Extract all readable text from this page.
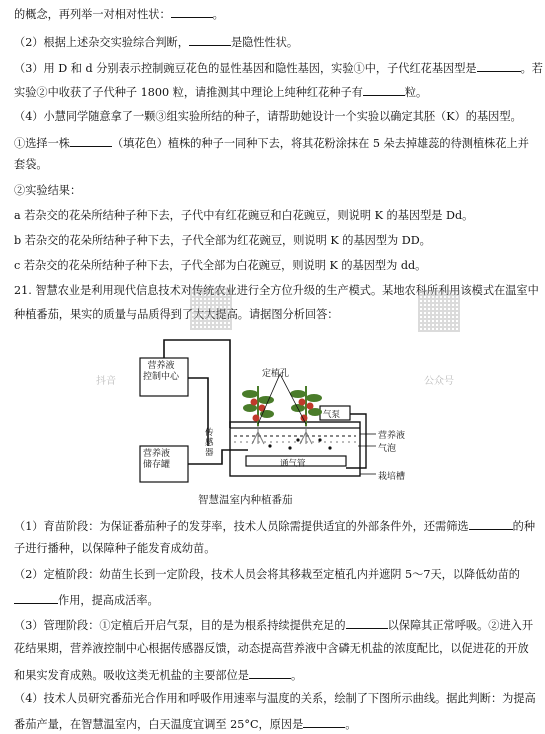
的概念，再列举一对相对性状：	。
（2）根据上述杂交实验综合判断，	是隐性性状。
（3）用 D 和 d 分别表示控制豌豆花色的显性基因和隐性基因，实验①中，子代红花基因型是	。若
实验②中收获了子代种子 1800 粒，请推测其中理论上纯种红花种子有	粒。
（4）小慧同学随意拿了一颗③组实验所结的种子，请帮助她设计一个实验以确定其胚（K）的基因型。
①选择一株	（填花色）植株的种子一同种下去，将其花粉涂抹在 5 朵去掉雄蕊的待测植株花上并
套袋。
②实验结果：
a 若杂交的花朵所结种子种下去，子代中有红花豌豆和白花豌豆，则说明 K 的基因型是 Dd。
b 若杂交的花朵所结种子种下去，子代全部为红花豌豆，则说明 K 的基因型为 DD。
c 若杂交的花朵所结种子种下去，子代全部为白花豌豆，则说明 K 的基因型为 dd。
21. 智慧农业是利用现代信息技术对传统农业进行全方位升级的生产模式。某地农科所利用该模式在温室中
种植番茄，果实的质量与品质得到了大大提高。请据图分析回答：
抖音	公众号
营养液
控制中心
营养液
储存罐
传
感
器
定植孔
气泵
营养液
气泡
通气管
栽培槽
智慧温室内种植番茄
（1）育苗阶段：为保证番茄种子的发芽率，技术人员除需提供适宜的外部条件外，还需筛选	的种
子进行播种，以保障种子能发育成幼苗。
（2）定植阶段：幼苗生长到一定阶段，技术人员会将其移栽至定植孔内并遮阴 5～7天，以降低幼苗的
作用，提高成活率。
（3）管理阶段：①定植后开启气泵，目的是为根系持续提供充足的	以保障其正常呼吸。②进入开
花结果期，营养液控制中心根据传感器反馈，动态提高营养液中含磷无机盐的浓度配比，以促进花的开放
和果实发育成熟。吸收这类无机盐的主要部位是	。
（4）技术人员研究番茄光合作用和呼吸作用速率与温度的关系，绘制了下图所示曲线。据此判断：为提高
番茄产量，在智慧温室内，白天温度宜调至 25°C，原因是	。
